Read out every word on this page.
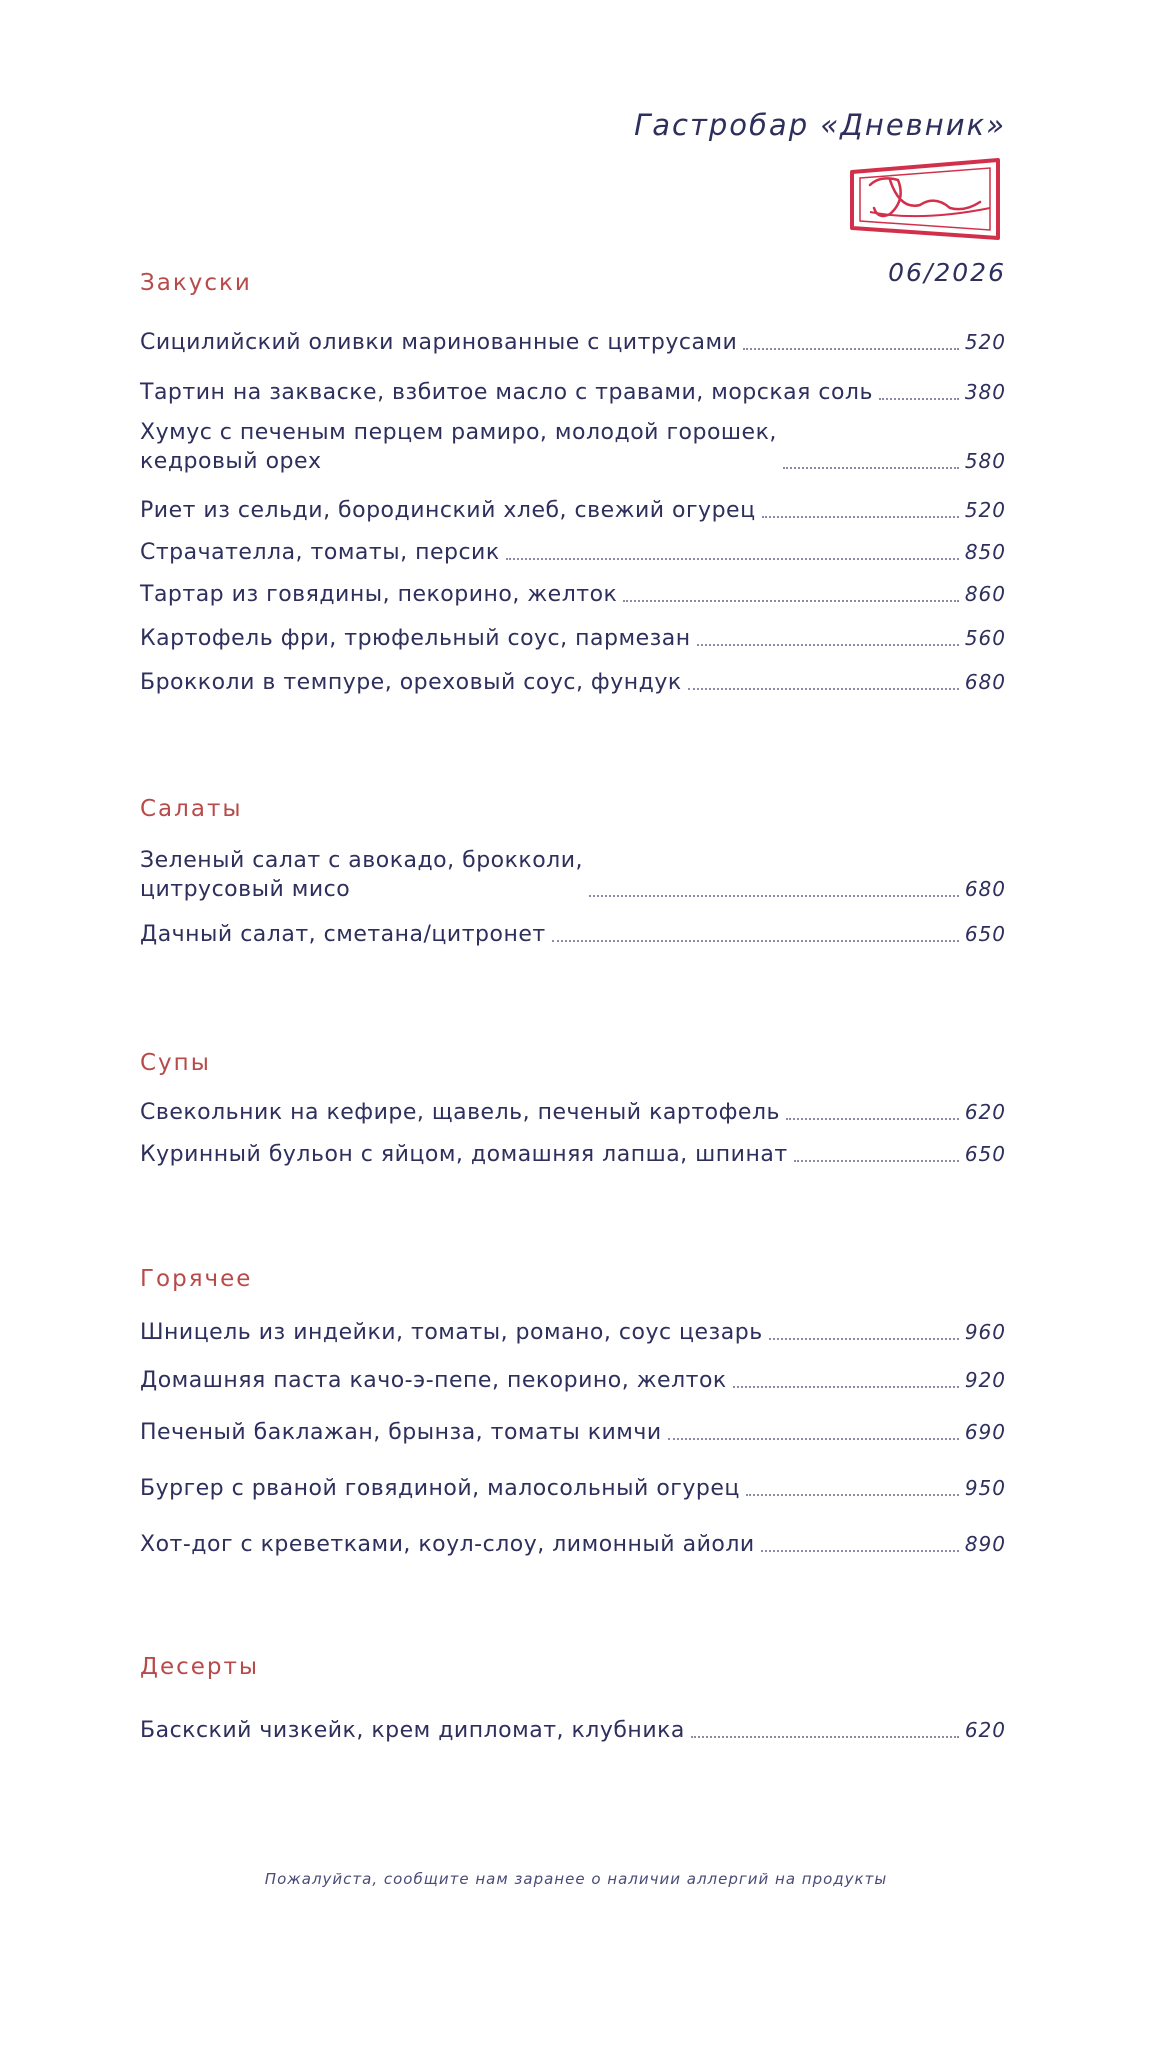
Гастробар «Дневник»
06/2026
Закуски
Сицилийский оливки маринованные с цитрусами	520
Тартин на закваске, взбитое масло с травами, морская соль	380
Хумус с печеным перцем рамиро, молодой горошек,
кедровый орех	580
Риет из сельди, бородинский хлеб, свежий огурец	520
Страчателла, томаты, персик	850
Тартар из говядины, пекорино, желток	860
Картофель фри, трюфельный соус, пармезан	560
Брокколи в темпуре, ореховый соус, фундук	680
Салаты
Зеленый салат с авокадо, брокколи,
цитрусовый мисо	680
Дачный салат, сметана/цитронет	650
Супы
Свекольник на кефире, щавель, печеный картофель	620
Куринный бульон с яйцом, домашняя лапша, шпинат	650
Горячее
Шницель из индейки, томаты, романо, соус цезарь	960
Домашняя паста качо-э-пепе, пекорино, желток	920
Печеный баклажан, брынза, томаты кимчи	690
Бургер с рваной говядиной, малосольный огурец	950
Хот-дог с креветками, коул-слоу, лимонный айоли	890
Десерты
Баскский чизкейк, крем дипломат, клубника	620
Пожалуйста, сообщите нам заранее о наличии аллергий на продукты
